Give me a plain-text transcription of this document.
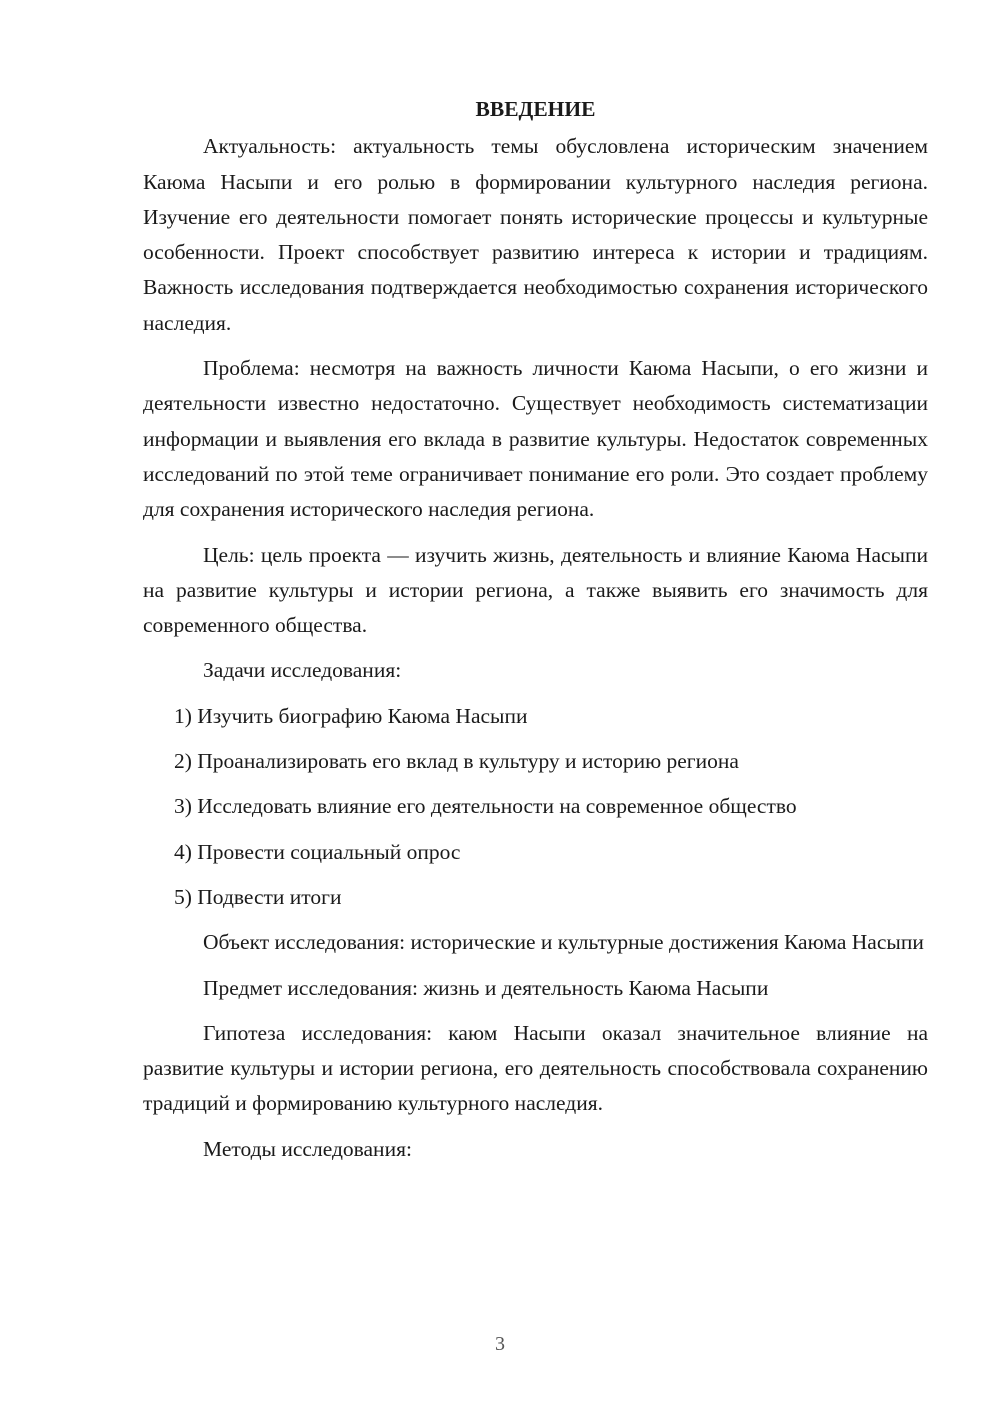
ВВЕДЕНИЕ

Актуальность: актуальность темы обусловлена историческим значением Каюма Насыпи и его ролью в формировании культурного наследия региона. Изучение его деятельности помогает понять исторические процессы и культурные особенности. Проект способствует развитию интереса к истории и традициям. Важность исследования подтверждается необходимостью сохранения исторического наследия.

Проблема: несмотря на важность личности Каюма Насыпи, о его жизни и деятельности известно недостаточно. Существует необходимость систематизации информации и выявления его вклада в развитие культуры. Недостаток современных исследований по этой теме ограничивает понимание его роли. Это создает проблему для сохранения исторического наследия региона.

Цель: цель проекта — изучить жизнь, деятельность и влияние Каюма Насыпи на развитие культуры и истории региона, а также выявить его значимость для современного общества.

Задачи исследования:

1) Изучить биографию Каюма Насыпи
2) Проанализировать его вклад в культуру и историю региона
3) Исследовать влияние его деятельности на современное общество
4) Провести социальный опрос
5) Подвести итоги

Объект исследования: исторические и культурные достижения Каюма Насыпи

Предмет исследования: жизнь и деятельность Каюма Насыпи

Гипотеза исследования: каюм Насыпи оказал значительное влияние на развитие культуры и истории региона, его деятельность способствовала сохранению традиций и формированию культурного наследия.

Методы исследования:

3
